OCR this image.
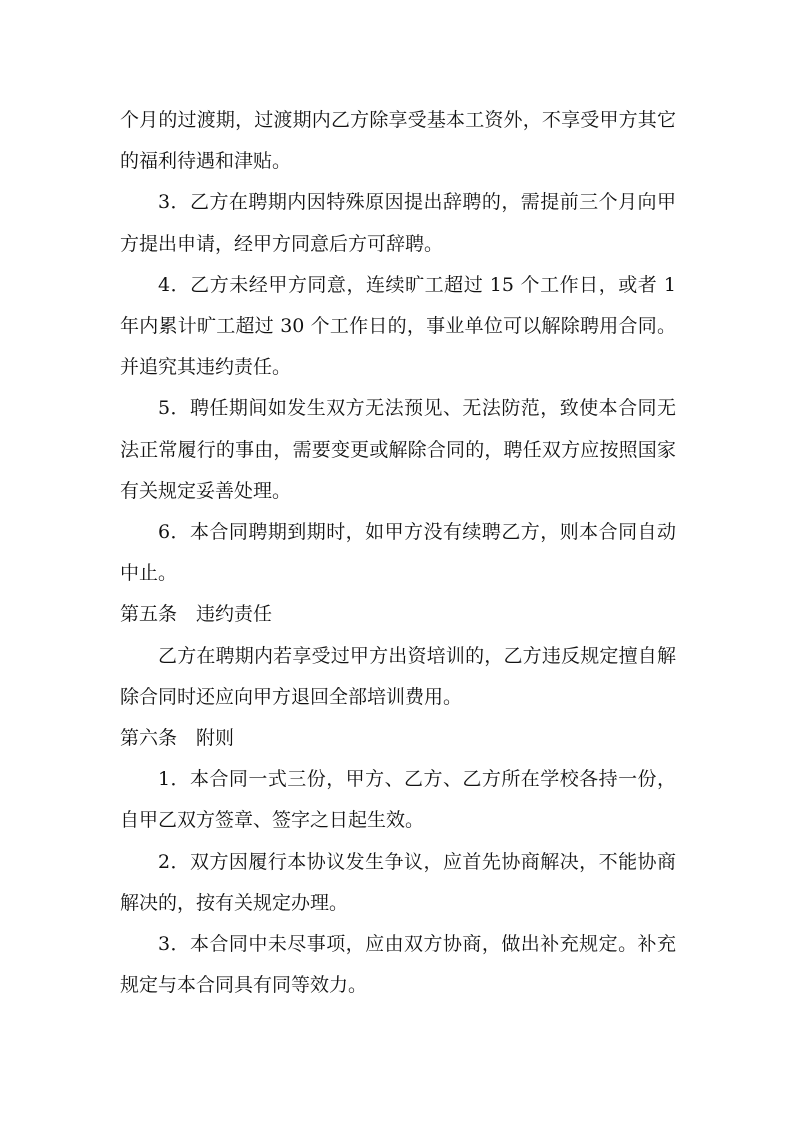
个月的过渡期，过渡期内乙方除享受基本工资外，不享受甲方其它的福利待遇和津贴。

3．乙方在聘期内因特殊原因提出辞聘的，需提前三个月向甲方提出申请，经甲方同意后方可辞聘。

4．乙方未经甲方同意，连续旷工超过 15 个工作日，或者 1 年内累计旷工超过 30 个工作日的，事业单位可以解除聘用合同。并追究其违约责任。

5．聘任期间如发生双方无法预见、无法防范，致使本合同无法正常履行的事由，需要变更或解除合同的，聘任双方应按照国家有关规定妥善处理。

6．本合同聘期到期时，如甲方没有续聘乙方，则本合同自动中止。

第五条　违约责任

乙方在聘期内若享受过甲方出资培训的，乙方违反规定擅自解除合同时还应向甲方退回全部培训费用。

第六条　附则

1．本合同一式三份，甲方、乙方、乙方所在学校各持一份，自甲乙双方签章、签字之日起生效。

2．双方因履行本协议发生争议，应首先协商解决，不能协商解决的，按有关规定办理。

3．本合同中未尽事项，应由双方协商，做出补充规定。补充规定与本合同具有同等效力。
